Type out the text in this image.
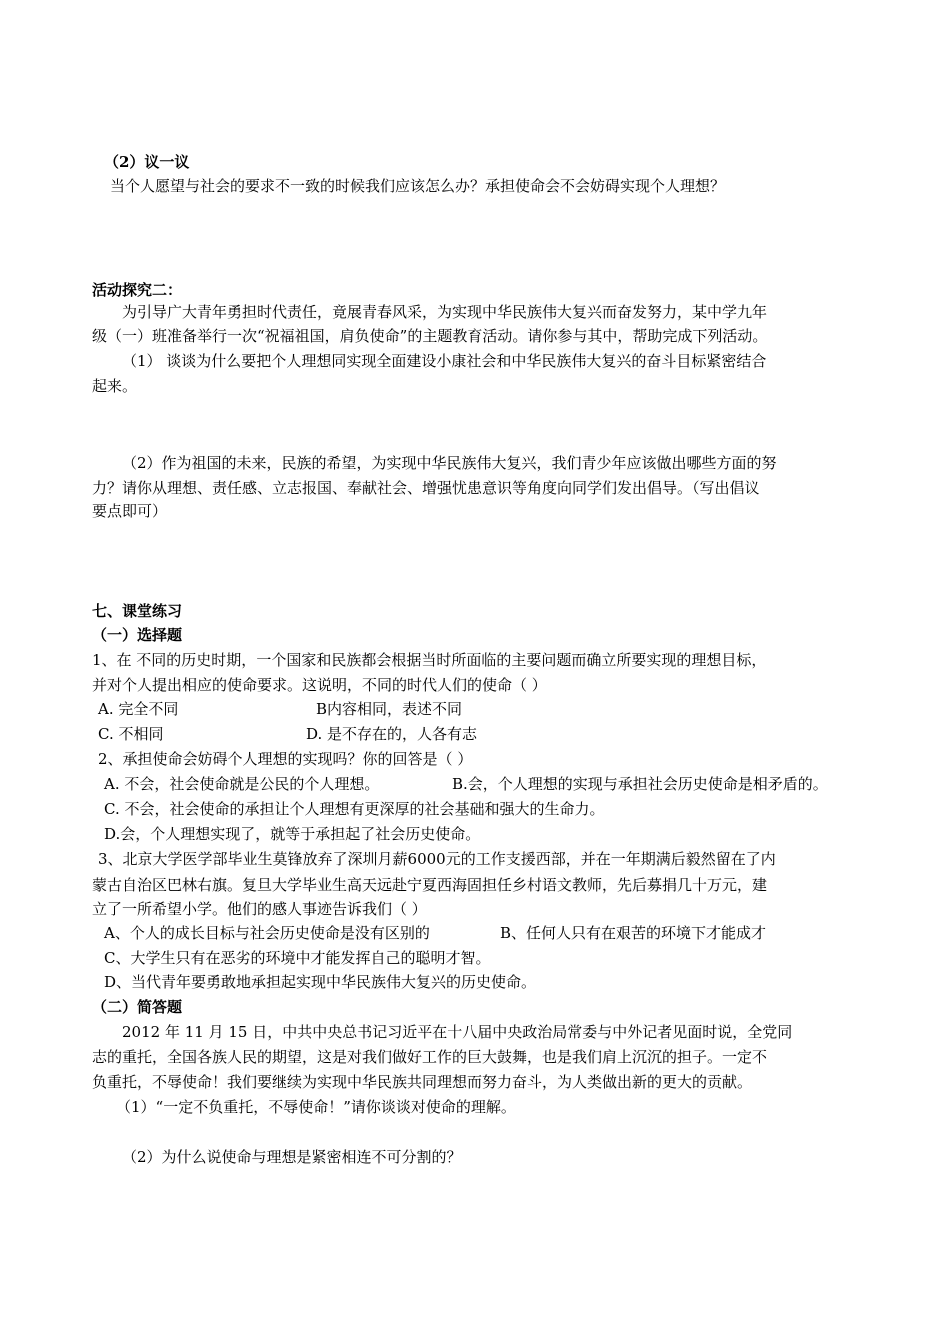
（2）议一议
当个人愿望与社会的要求不一致的时候我们应该怎么办？承担使命会不会妨碍实现个人理想？
活动探究二：
为引导广大青年勇担时代责任，竟展青春风采，为实现中华民族伟大复兴而奋发努力，某中学九年
级（一）班准备举行一次“祝福祖国，肩负使命”的主题教育活动。请你参与其中，帮助完成下列活动。
（1） 谈谈为什么要把个人理想同实现全面建设小康社会和中华民族伟大复兴的奋斗目标紧密结合
起来。
（2）作为祖国的未来，民族的希望，为实现中华民族伟大复兴，我们青少年应该做出哪些方面的努
力？请你从理想、责任感、立志报国、奉献社会、增强忧患意识等角度向同学们发出倡导。（写出倡议
要点即可）
七、课堂练习
（一）选择题
1、在 不同的历史时期，一个国家和民族都会根据当时所面临的主要问题而确立所要实现的理想目标，
并对个人提出相应的使命要求。这说明，不同的时代人们的使命（ ）
A. 完全不同	B内容相同，表述不同
C. 不相同	D. 是不存在的，人各有志
2、承担使命会妨碍个人理想的实现吗？你的回答是（ ）
A. 不会，社会使命就是公民的个人理想。	B.会，个人理想的实现与承担社会历史使命是相矛盾的。
C. 不会，社会使命的承担让个人理想有更深厚的社会基础和强大的生命力。
D.会，个人理想实现了，就等于承担起了社会历史使命。
3、北京大学医学部毕业生莫锋放弃了深圳月薪6000元的工作支援西部，并在一年期满后毅然留在了内
蒙古自治区巴林右旗。复旦大学毕业生高天远赴宁夏西海固担任乡村语文教师，先后募捐几十万元，建
立了一所希望小学。他们的感人事迹告诉我们（ ）
A、个人的成长目标与社会历史使命是没有区别的	B、任何人只有在艰苦的环境下才能成才
C、大学生只有在恶劣的环境中才能发挥自己的聪明才智。
D、当代青年要勇敢地承担起实现中华民族伟大复兴的历史使命。
（二）简答题
2012 年 11 月 15 日，中共中央总书记习近平在十八届中央政治局常委与中外记者见面时说，全党同
志的重托，全国各族人民的期望，这是对我们做好工作的巨大鼓舞，也是我们肩上沉沉的担子。一定不
负重托，不辱使命！我们要继续为实现中华民族共同理想而努力奋斗，为人类做出新的更大的贡献。
（1）“一定不负重托，不辱使命！”请你谈谈对使命的理解。
（2）为什么说使命与理想是紧密相连不可分割的？
